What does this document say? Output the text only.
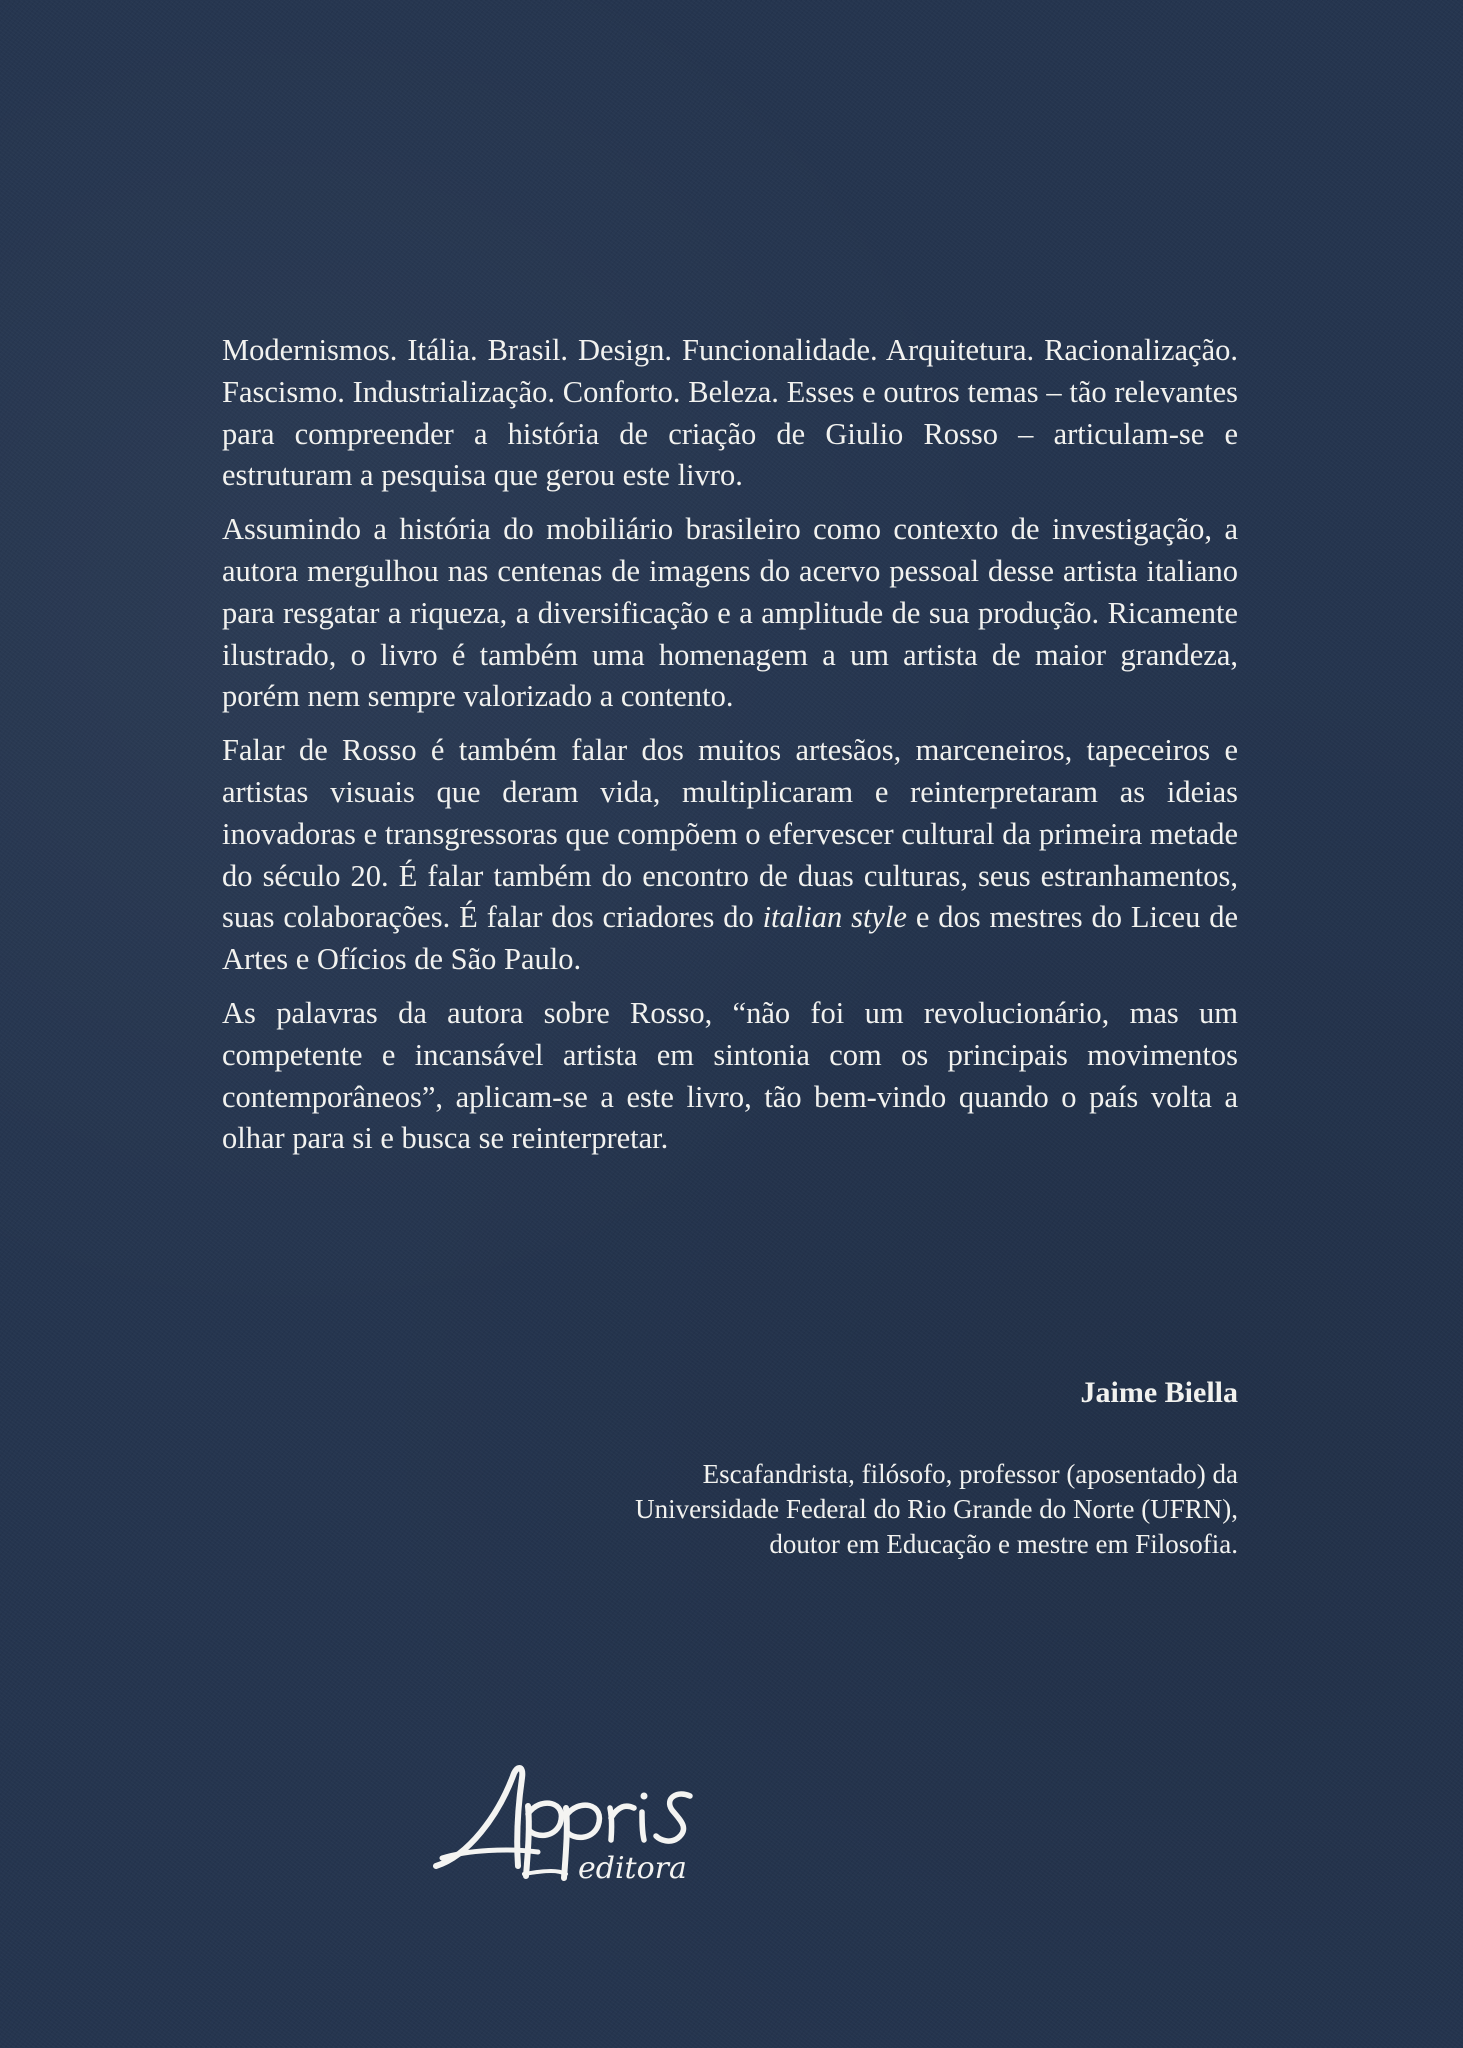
Modernismos. Itália. Brasil. Design. Funcionalidade. Arquitetura. Racionalização. Fascismo. Industrialização. Conforto. Beleza. Esses e outros temas – tão relevantes para compreender a história de criação de Giulio Rosso – articulam-se e estruturam a pesquisa que gerou este livro.

Assumindo a história do mobiliário brasileiro como contexto de investigação, a autora mergulhou nas centenas de imagens do acervo pessoal desse artista italiano para resgatar a riqueza, a diversificação e a amplitude de sua produção. Ricamente ilustrado, o livro é também uma homenagem a um artista de maior grandeza, porém nem sempre valorizado a contento.

Falar de Rosso é também falar dos muitos artesãos, marceneiros, tapeceiros e artistas visuais que deram vida, multiplicaram e reinterpretaram as ideias inovadoras e transgressoras que compõem o efervescer cultural da primeira metade do século 20. É falar também do encontro de duas culturas, seus estranhamentos, suas colaborações. É falar dos criadores do italian style e dos mestres do Liceu de Artes e Ofícios de São Paulo.

As palavras da autora sobre Rosso, “não foi um revolucionário, mas um competente e incansável artista em sintonia com os principais movimentos contemporâneos”, aplicam-se a este livro, tão bem-vindo quando o país volta a olhar para si e busca se reinterpretar.

Jaime Biella
Escafandrista, filósofo, professor (aposentado) da
Universidade Federal do Rio Grande do Norte (UFRN),
doutor em Educação e mestre em Filosofia.
editora
